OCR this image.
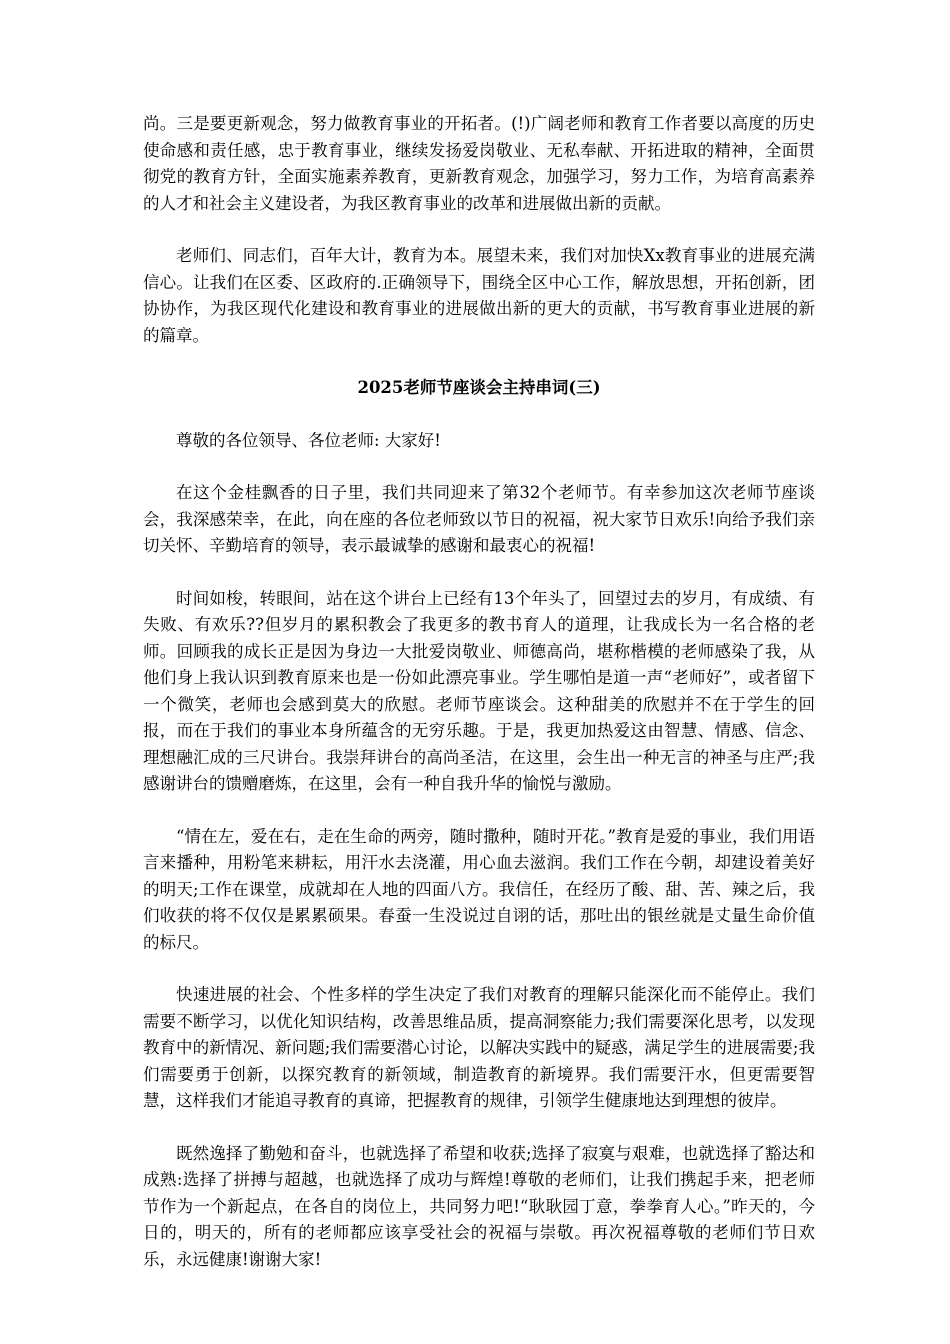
尚。三是要更新观念，努力做教育事业的开拓者。(!)广阔老师和教育工作者要以高度的历史使命感和责任感，忠于教育事业，继续发扬爱岗敬业、无私奉献、开拓进取的精神，全面贯彻党的教育方针，全面实施素养教育，更新教育观念，加强学习，努力工作，为培育高素养的人才和社会主义建设者，为我区教育事业的改革和进展做出新的贡献。

老师们、同志们，百年大计，教育为本。展望未来，我们对加快Xx教育事业的进展充满信心。让我们在区委、区政府的.正确领导下，围绕全区中心工作，解放思想，开拓创新，团协协作，为我区现代化建设和教育事业的进展做出新的更大的贡献，书写教育事业进展的新的篇章。

2025老师节座谈会主持串词(三)

尊敬的各位领导、各位老师: 大家好!

在这个金桂飘香的日子里，我们共同迎来了第32个老师节。有幸参加这次老师节座谈会，我深感荣幸，在此，向在座的各位老师致以节日的祝福，祝大家节日欢乐!向给予我们亲切关怀、辛勤培育的领导，表示最诚挚的感谢和最衷心的祝福!

时间如梭，转眼间，站在这个讲台上已经有13个年头了，回望过去的岁月，有成绩、有失败、有欢乐??但岁月的累积教会了我更多的教书育人的道理，让我成长为一名合格的老师。回顾我的成长正是因为身边一大批爱岗敬业、师德高尚，堪称楷模的老师感染了我，从他们身上我认识到教育原来也是一份如此漂亮事业。学生哪怕是道一声“老师好”，或者留下一个微笑，老师也会感到莫大的欣慰。老师节座谈会。这种甜美的欣慰并不在于学生的回报，而在于我们的事业本身所蕴含的无穷乐趣。于是，我更加热爱这由智慧、情感、信念、理想融汇成的三尺讲台。我崇拜讲台的高尚圣洁，在这里，会生出一种无言的神圣与庄严;我感谢讲台的馈赠磨炼，在这里，会有一种自我升华的愉悦与激励。

“情在左，爱在右，走在生命的两旁，随时撒种，随时开花。”教育是爱的事业，我们用语言来播种，用粉笔来耕耘，用汗水去浇灌，用心血去滋润。我们工作在今朝，却建设着美好的明天;工作在课堂，成就却在人地的四面八方。我信任，在经历了酸、甜、苦、辣之后，我们收获的将不仅仅是累累硕果。春蚕一生没说过自诩的话，那吐出的银丝就是丈量生命价值的标尺。

快速进展的社会、个性多样的学生决定了我们对教育的理解只能深化而不能停止。我们需要不断学习，以优化知识结构，改善思维品质，提高洞察能力;我们需要深化思考，以发现教育中的新情况、新问题;我们需要潜心讨论，以解决实践中的疑惑，满足学生的进展需要;我们需要勇于创新，以探究教育的新领域，制造教育的新境界。我们需要汗水，但更需要智慧，这样我们才能追寻教育的真谛，把握教育的规律，引领学生健康地达到理想的彼岸。

既然逸择了勤勉和奋斗，也就选择了希望和收获;选择了寂寞与艰难，也就选择了豁达和成熟:选择了拼搏与超越，也就选择了成功与辉煌!尊敬的老师们，让我们携起手来，把老师节作为一个新起点，在各自的岗位上，共同努力吧!“耿耿园丁意，拳拳育人心。”昨天的，今日的，明天的，所有的老师都应该享受社会的祝福与崇敬。再次祝福尊敬的老师们节日欢乐，永远健康!谢谢大家!
